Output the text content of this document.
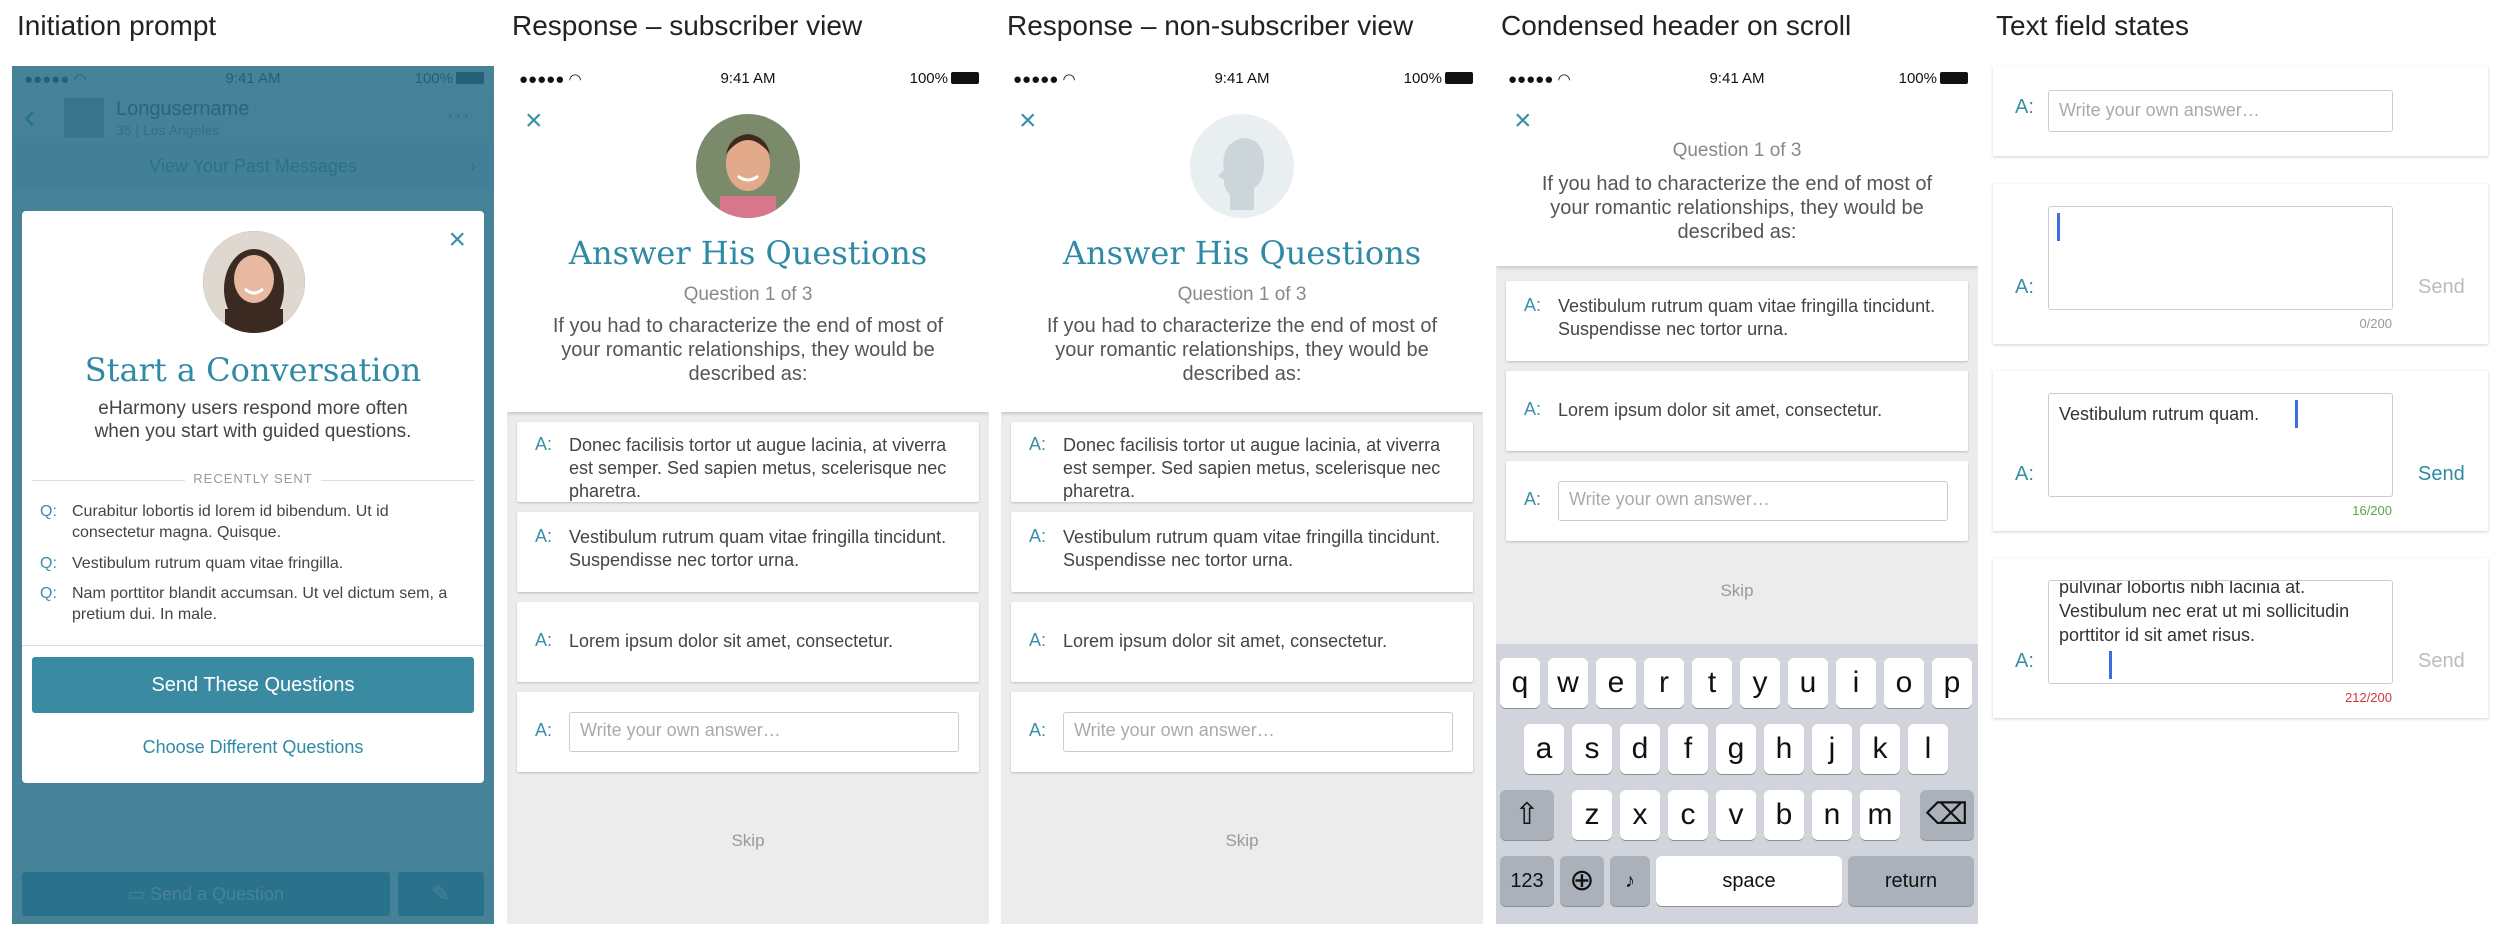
Initiation prompt	Response – subscriber view	Response – non-subscriber view	Condensed header on scroll	Text field states
×
Start a Conversation
eHarmony users respond more often when you start with guided questions.
RECENTLY SENT
Q: Curabitur lobortis id lorem id bibendum. Ut id consectetur magna. Quisque.
Q: Vestibulum rutrum quam vitae fringilla.
Q: Nam porttitor blandit accumsan. Ut vel dictum sem, a pretium dui. In male.
Send These Questions
Choose Different Questions
●●●●● ◠	9:41 AM	100%
×
Answer His Questions
Question 1 of 3
If you had to characterize the end of most of your romantic relationships, they would be described as:
A: Donec facilisis tortor ut augue lacinia, at viverra est semper. Sed sapien metus, scelerisque nec pharetra.
A: Vestibulum rutrum quam vitae fringilla tincidunt. Suspendisse nec tortor urna.
A: Lorem ipsum dolor sit amet, consectetur.
A:	Write your own answer…
Skip
●●●●● ◠	9:41 AM	100%
×
Answer His Questions
Question 1 of 3
If you had to characterize the end of most of your romantic relationships, they would be described as:
A: Donec facilisis tortor ut augue lacinia, at viverra est semper. Sed sapien metus, scelerisque nec pharetra.
A: Vestibulum rutrum quam vitae fringilla tincidunt. Suspendisse nec tortor urna.
A: Lorem ipsum dolor sit amet, consectetur.
A:	Write your own answer…
Skip
A: Vestibulum rutrum quam vitae fringilla tincidunt. Suspendisse nec tortor urna.
A: Lorem ipsum dolor sit amet, consectetur.
A:	Write your own answer…
Skip
●●●●● ◠	9:41 AM	100%
×
Question 1 of 3
If you had to characterize the end of most of your romantic relationships, they would be described as:
q w e	r	t	y	u	i	o	p
a	s	d	f	g	h	j	k	l
⇧	z	x	c	v	b	n m ⌫
123 ⊕	♪	space	return
A: Write your own answer…
A:	Send
0/200
A:
Vestibulum rutrum quam.
Send
16/200
A:
pulvinar lobortis nibh lacinia at. Vestibulum nec erat ut mi sollicitudin porttitor id sit amet risus.
Send
212/200
